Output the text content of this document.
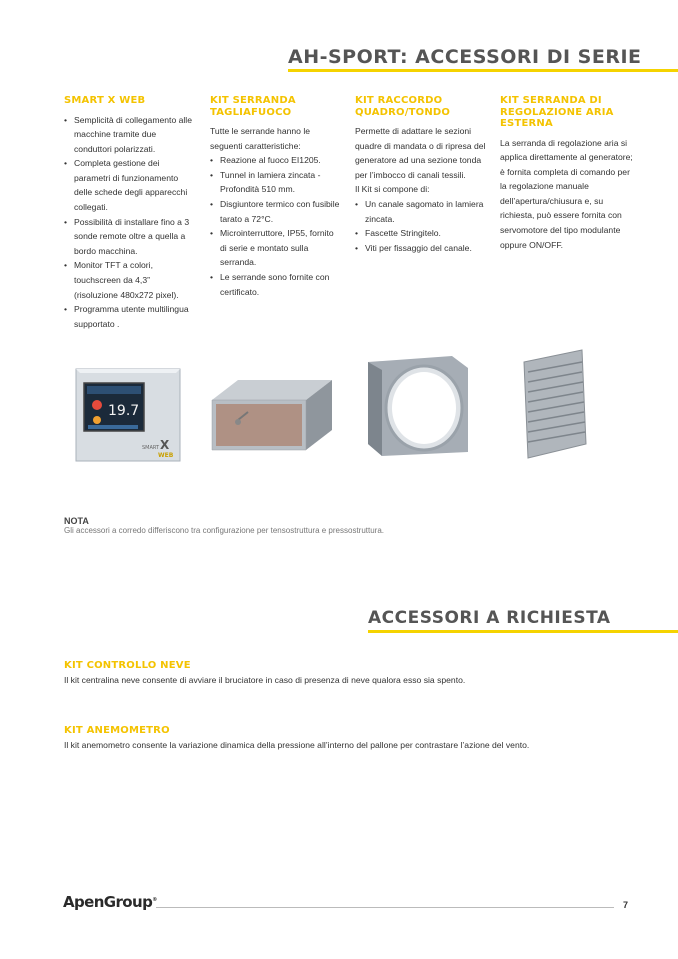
AH-SPORT: ACCESSORI DI SERIE
SMART X WEB
• Semplicità di collegamento alle macchine tramite due conduttori polarizzati.
• Completa gestione dei parametri di funzionamento delle schede degli apparecchi collegati.
• Possibilità di installare fino a 3 sonde remote oltre a quella a bordo macchina.
• Monitor TFT a colori, touchscreen da 4,3” (risoluzione 480x272 pixel).
• Programma utente multilingua supportato .
KIT SERRANDA
TAGLIAFUOCO

Tutte le serrande hanno le seguenti caratteristiche:

• Reazione al fuoco EI1205.
• Tunnel in lamiera zincata - Profondità 510 mm.
• Disgiuntore termico con fusibile tarato a 72°C.
• Microinterruttore, IP55, fornito di serie e montato sulla serranda.
• Le serrande sono fornite con certificato.
KIT RACCORDO
QUADRO/TONDO

Permette di adattare le sezioni quadre di mandata o di ripresa del generatore ad una sezione tonda per l’imbocco di canali tessili.

Il Kit si compone di:

• Un canale sagomato in lamiera zincata.
• Fascette Stringitelo.
• Viti per fissaggio del canale.
KIT SERRANDA DI
REGOLAZIONE ARIA
ESTERNA

La serranda di regolazione aria si applica direttamente al generatore; è fornita completa di comando per la regolazione manuale dell’apertura/chiusura e, su richiesta, può essere fornita con servomotore del tipo modulante oppure ON/OFF.

19.7
SMART X
WEB
NOTA
Gli accessori a corredo differiscono tra configurazione per tensostruttura e pressostruttura.
ACCESSORI A RICHIESTA
KIT CONTROLLO NEVE
Il kit centralina neve consente di avviare il bruciatore in caso di presenza di neve qualora esso sia spento.
KIT ANEMOMETRO
Il kit anemometro consente la variazione dinamica della pressione all’interno del pallone per contrastare l’azione del vento.
ApenGroup®	7
